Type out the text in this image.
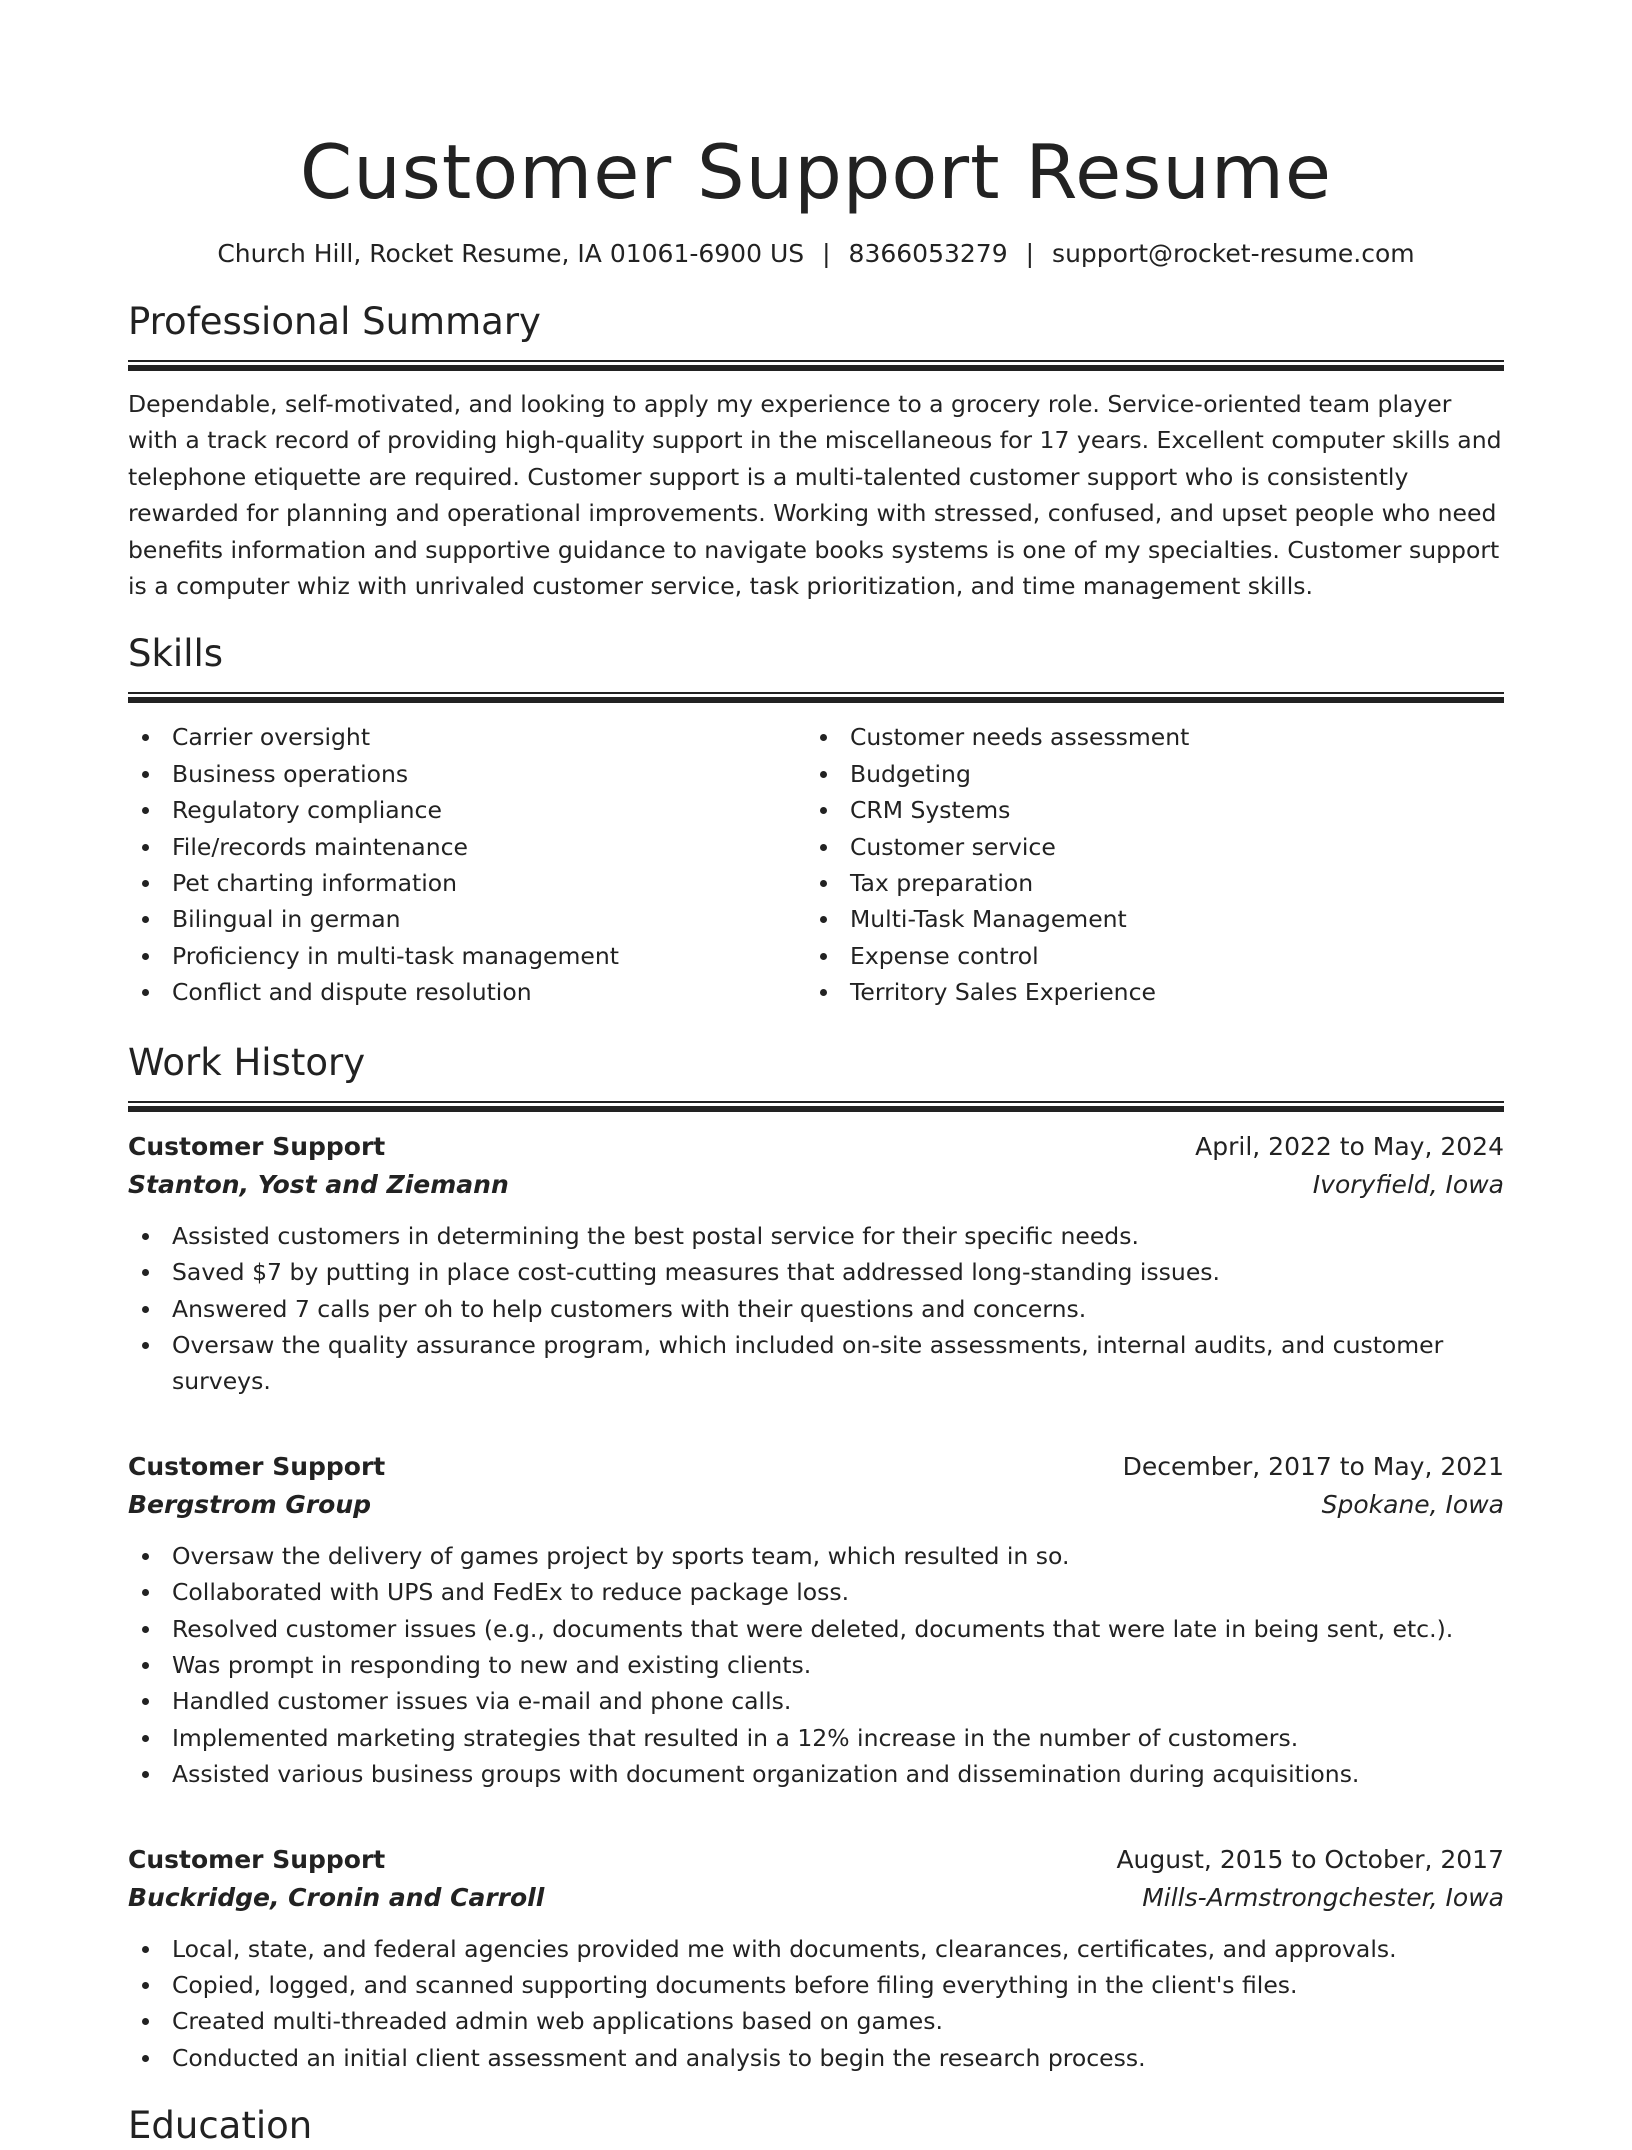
Customer Support Resume
Church Hill, Rocket Resume, IA 01061-6900 US | 8366053279 | support@rocket-resume.com
Professional Summary

Dependable, self-motivated, and looking to apply my experience to a grocery role. Service-oriented team player with a track record of providing high-quality support in the miscellaneous for 17 years. Excellent computer skills and telephone etiquette are required. Customer support is a multi-talented customer support who is consistently rewarded for planning and operational improvements. Working with stressed, confused, and upset people who need benefits information and supportive guidance to navigate books systems is one of my specialties. Customer support is a computer whiz with unrivaled customer service, task prioritization, and time management skills.

Skills
Carrier oversight
Business operations
Regulatory compliance
File/records maintenance
Pet charting information
Bilingual in german
Proficiency in multi-task management
Conflict and dispute resolution
Customer needs assessment
Budgeting
CRM Systems
Customer service
Tax preparation
Multi-Task Management
Expense control
Territory Sales Experience
Work History
Customer Support	April, 2022 to May, 2024
Stanton, Yost and Ziemann	Ivoryfield, Iowa
Assisted customers in determining the best postal service for their specific needs.
Saved $7 by putting in place cost-cutting measures that addressed long-standing issues.
Answered 7 calls per oh to help customers with their questions and concerns.
Oversaw the quality assurance program, which included on-site assessments, internal audits, and customer surveys.
Customer Support	December, 2017 to May, 2021
Bergstrom Group	Spokane, Iowa
Oversaw the delivery of games project by sports team, which resulted in so.
Collaborated with UPS and FedEx to reduce package loss.
Resolved customer issues (e.g., documents that were deleted, documents that were late in being sent, etc.).
Was prompt in responding to new and existing clients.
Handled customer issues via e-mail and phone calls.
Implemented marketing strategies that resulted in a 12% increase in the number of customers.
Assisted various business groups with document organization and dissemination during acquisitions.
Customer Support	August, 2015 to October, 2017
Buckridge, Cronin and Carroll	Mills-Armstrongchester, Iowa
Local, state, and federal agencies provided me with documents, clearances, certificates, and approvals.
Copied, logged, and scanned supporting documents before filing everything in the client's files.
Created multi-threaded admin web applications based on games.
Conducted an initial client assessment and analysis to begin the research process.
Education
